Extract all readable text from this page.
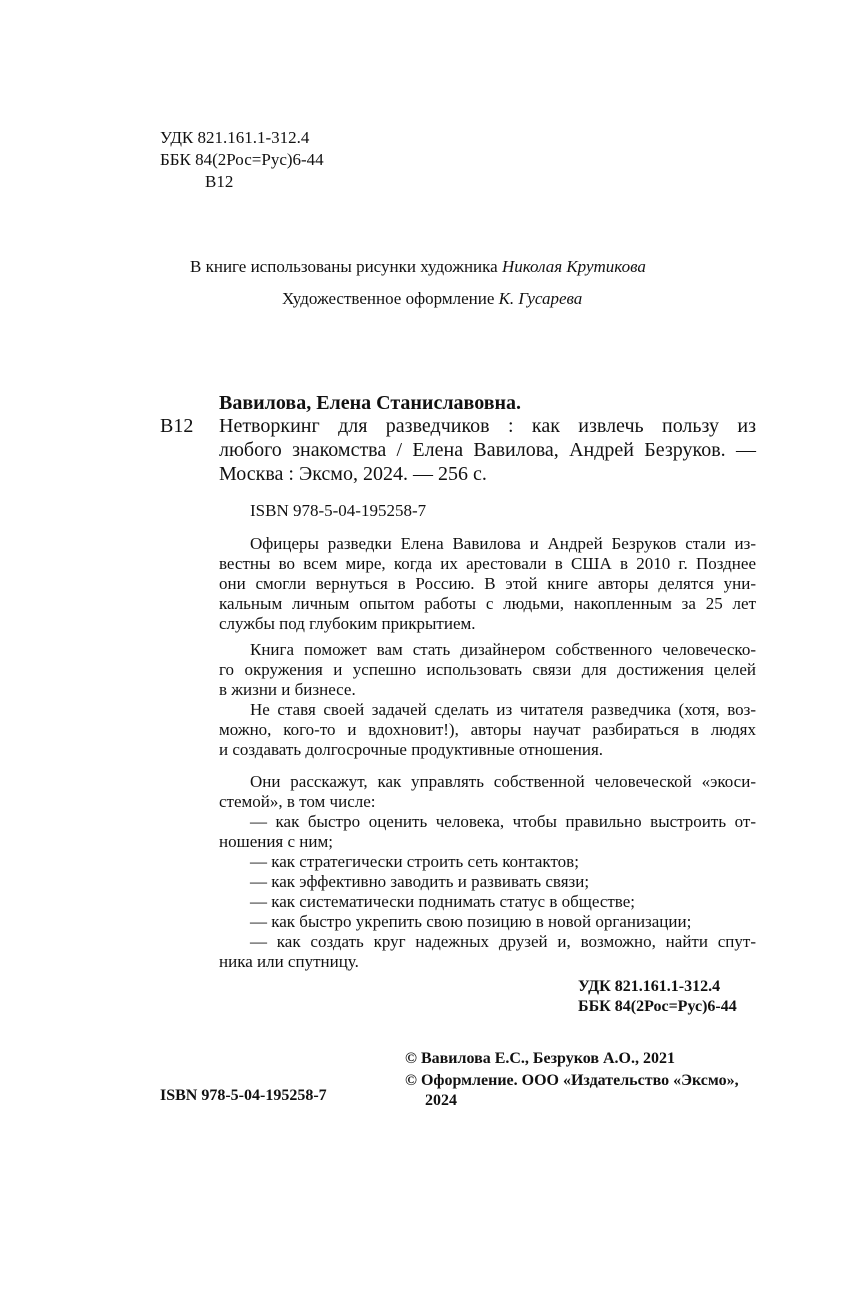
УДК 821.161.1-312.4
ББК 84(2Рос=Рус)6-44
В12
В книге использованы рисунки художника Николая Крутикова
Художественное оформление К. Гусарева
Вавилова, Елена Станиславовна.
В12 Нетворкинг для разведчиков : как извлечь пользу из
любого знакомства / Елена Вавилова, Андрей Безруков. —
Москва : Эксмо, 2024. — 256 с.
ISBN 978-5-04-195258-7
Офицеры разведки Елена Вавилова и Андрей Безруков стали из-
вестны во всем мире, когда их арестовали в США в 2010 г. Позднее
они смогли вернуться в Россию. В этой книге авторы делятся уни-
кальным личным опытом работы с людьми, накопленным за 25 лет
службы под глубоким прикрытием.
Книга поможет вам стать дизайнером собственного человеческо-
го окружения и успешно использовать связи для достижения целей
в жизни и бизнесе.
Не ставя своей задачей сделать из читателя разведчика (хотя, воз-
можно, кого-то и вдохновит!), авторы научат разбираться в людях
и создавать долгосрочные продуктивные отношения.
Они расскажут, как управлять собственной человеческой «экоси-
стемой», в том числе:
— как быстро оценить человека, чтобы правильно выстроить от-
ношения с ним;
— как стратегически строить сеть контактов;
— как эффективно заводить и развивать связи;
— как систематически поднимать статус в обществе;
— как быстро укрепить свою позицию в новой организации;
— как создать круг надежных друзей и, возможно, найти спут-
ника или спутницу.
УДК 821.161.1-312.4
ББК 84(2Рос=Рус)6-44
© Вавилова Е.С., Безруков А.О., 2021
© Оформление. ООО «Издательство «Эксмо»,
2024
ISBN 978-5-04-195258-7
